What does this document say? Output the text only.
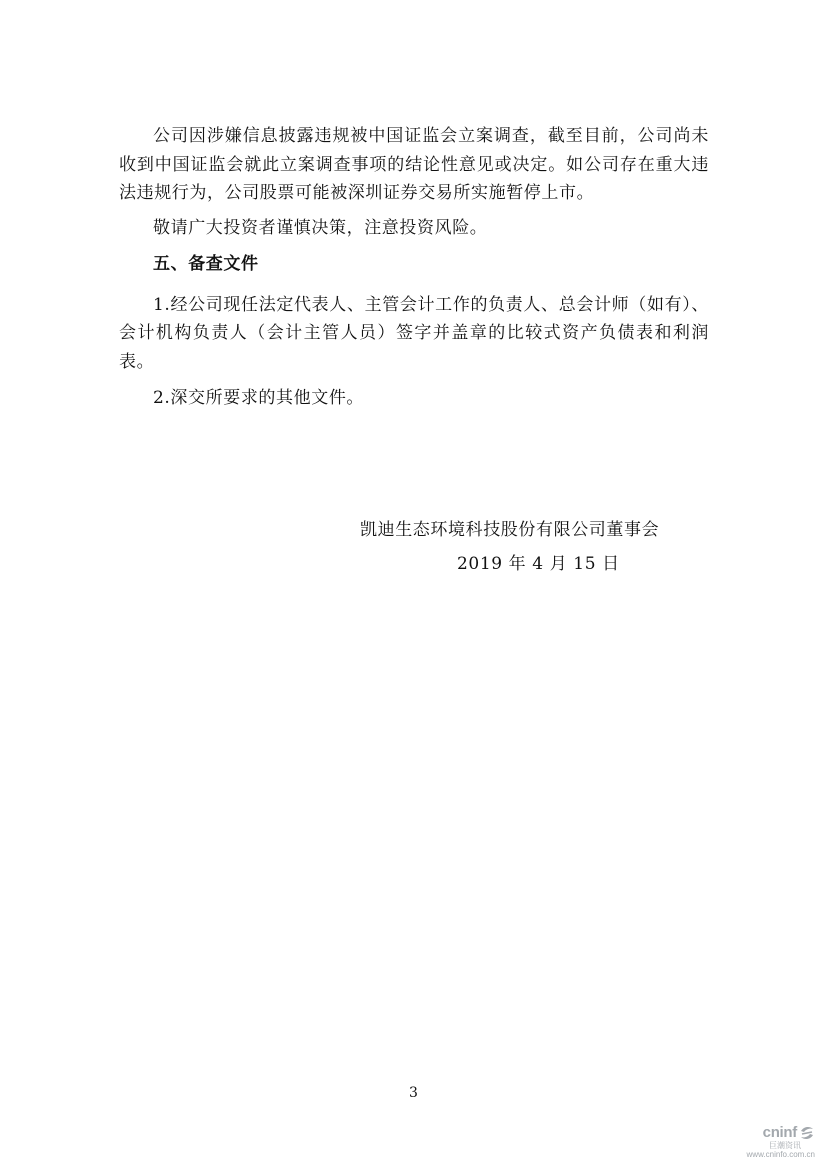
公司因涉嫌信息披露违规被中国证监会立案调查，截至目前，公司尚未收到中国证监会就此立案调查事项的结论性意见或决定。如公司存在重大违法违规行为，公司股票可能被深圳证券交易所实施暂停上市。

敬请广大投资者谨慎决策，注意投资风险。

五、备查文件

1.经公司现任法定代表人、主管会计工作的负责人、总会计师（如有）、会计机构负责人（会计主管人员）签字并盖章的比较式资产负债表和利润表。

2.深交所要求的其他文件。

凯迪生态环境科技股份有限公司董事会
2019 年 4 月 15 日
3
cninf
巨潮资讯
www.cninfo.com.cn
